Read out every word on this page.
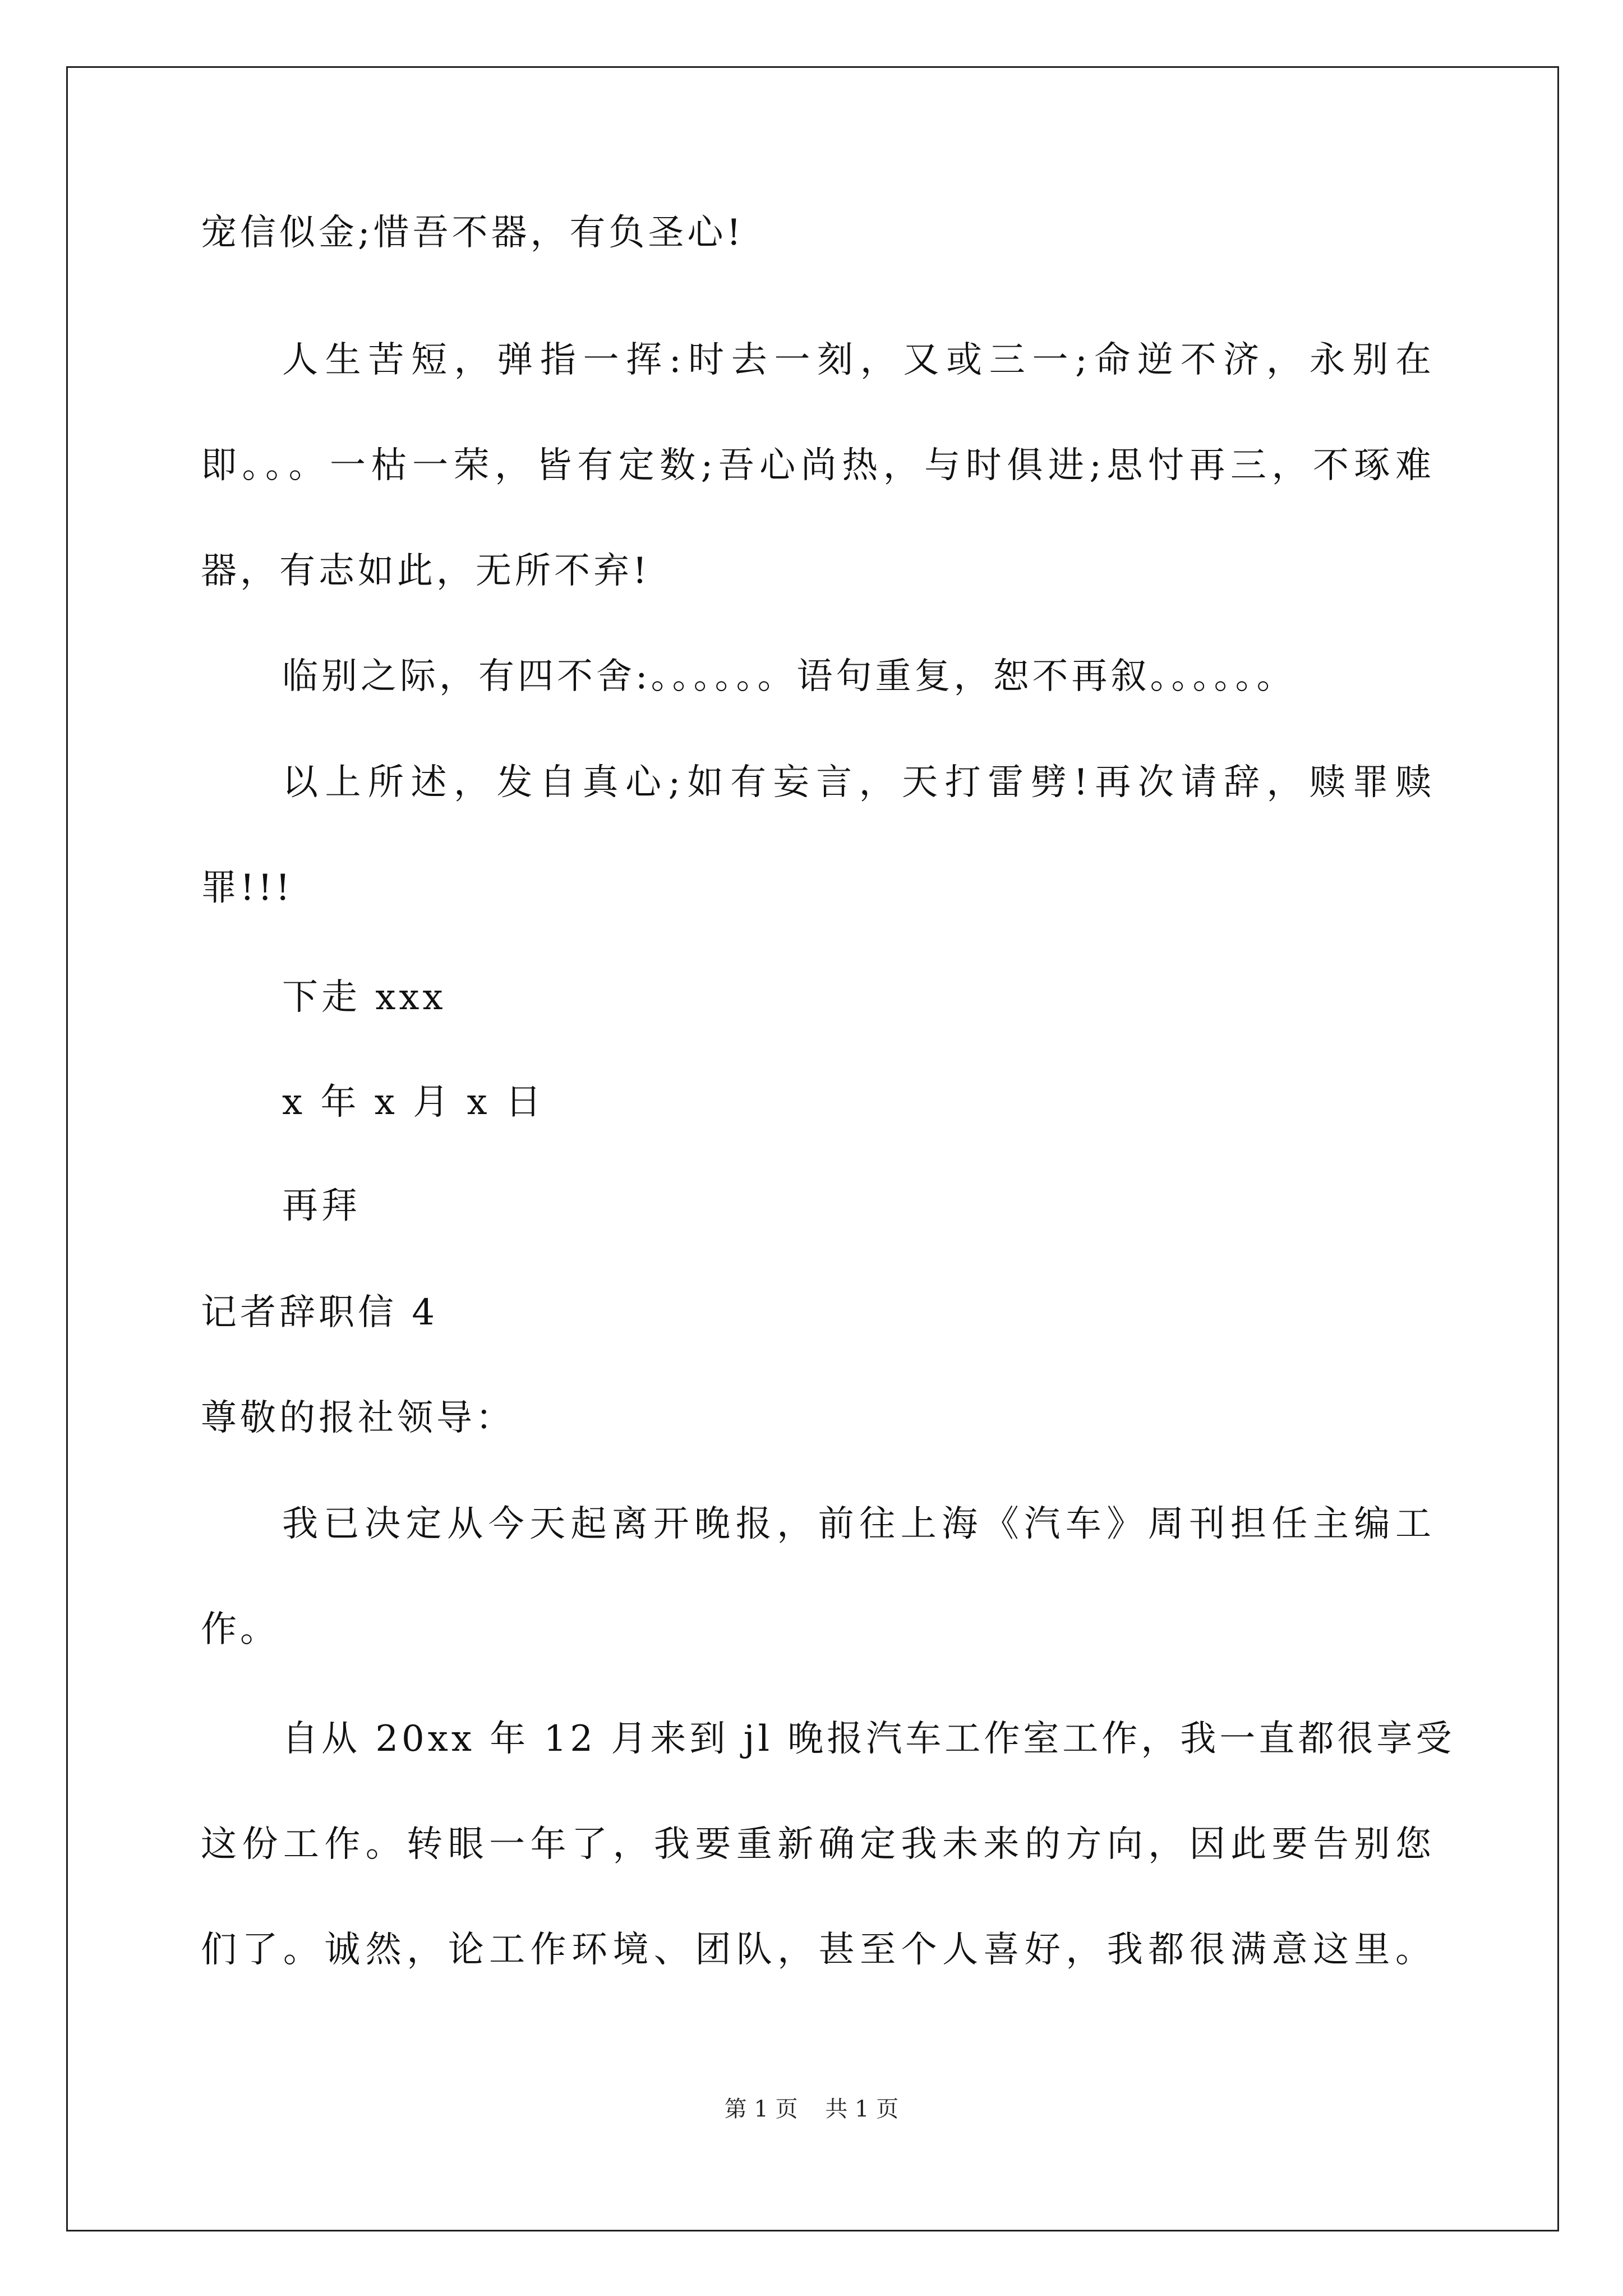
宠信似金;惜吾不器，有负圣心!
人生苦短，弹指一挥:时去一刻，又或三一;命逆不济，永别在
即。。。一枯一荣，皆有定数;吾心尚热，与时俱进;思忖再三，不琢难
器，有志如此，无所不弃!
临别之际，有四不舍:。。。。。。语句重复，恕不再叙。。。。。。
以上所述，发自真心;如有妄言，天打雷劈!再次请辞，赎罪赎
罪!!!
下走 xxx
x 年 x 月 x 日
再拜
记者辞职信 4
尊敬的报社领导：
我已决定从今天起离开晚报，前往上海《汽车》周刊担任主编工
作。
自从 20xx 年 12 月来到 jl 晚报汽车工作室工作，我一直都很享受
这份工作。转眼一年了，我要重新确定我未来的方向，因此要告别您
们了。诚然，论工作环境、团队，甚至个人喜好，我都很满意这里。
第 1 页 共 1 页
